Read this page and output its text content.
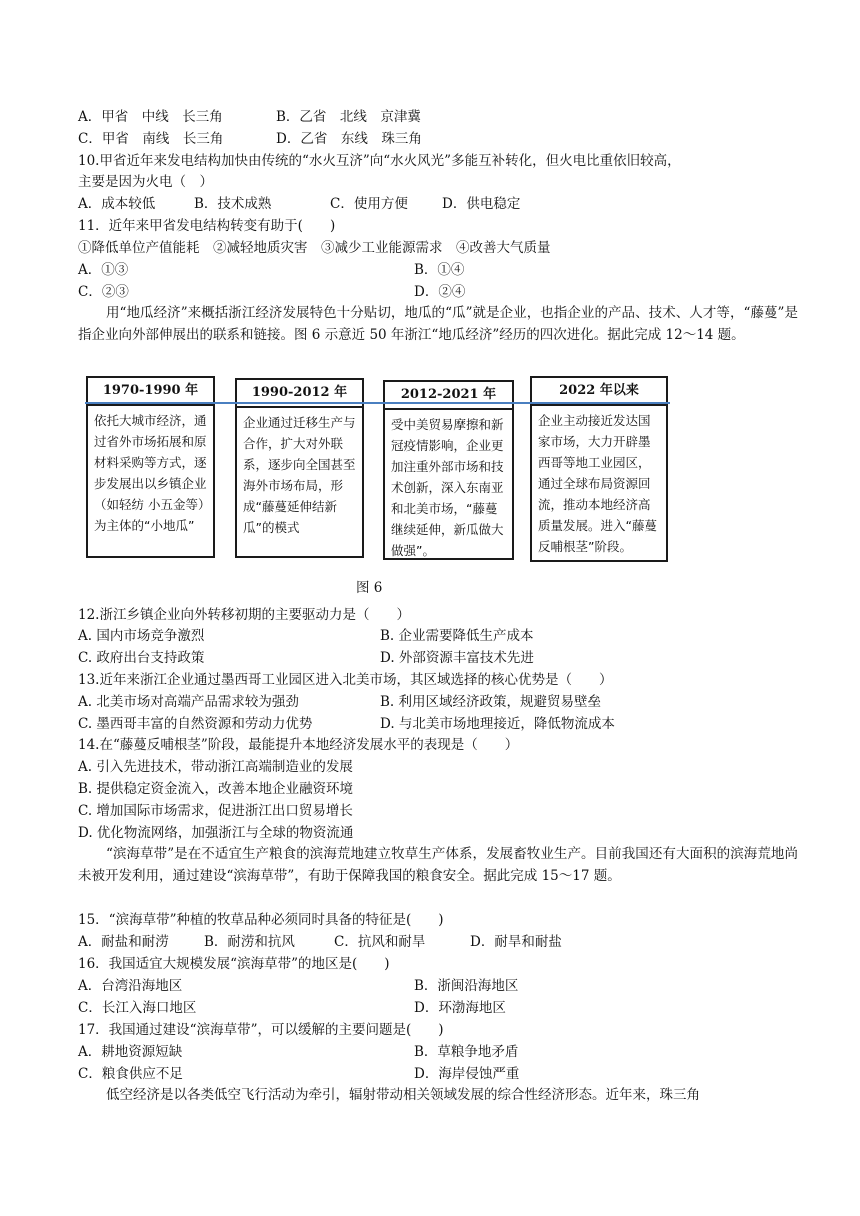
A．甲省　中线　长三角	B．乙省　北线　京津冀
C．甲省　南线　长三角	D．乙省　东线　珠三角
10.甲省近年来发电结构加快由传统的“水火互济”向“水火风光”多能互补转化，但火电比重依旧较高，
主要是因为火电（　）
A．成本较低	B．技术成熟	C．使用方便	D．供电稳定
11．近年来甲省发电结构转变有助于(　　)
①降低单位产值能耗　②减轻地质灾害　③减少工业能源需求　④改善大气质量
A．①③	B．①④
C．②③	D．②④
用“地瓜经济”来概括浙江经济发展特色十分贴切，地瓜的“瓜”就是企业，也指企业的产品、技术、人才等，“藤蔓”是指企业向外部伸展出的联系和链接。图 6 示意近 50 年浙江“地瓜经济”经历的四次进化。据此完成 12～14 题。
1970-1990 年
依托大城市经济，通过省外市场拓展和原材料采购等方式，逐步发展出以乡镇企业（如轻纺 小五金等）为主体的“小地瓜”
1990-2012 年
企业通过迁移生产与合作，扩大对外联系，逐步向全国甚至海外市场布局，形成“藤蔓延伸结新瓜”的模式
2012-2021 年
受中美贸易摩擦和新冠疫情影响，企业更加注重外部市场和技术创新，深入东南亚和北美市场，“藤蔓继续延伸，新瓜做大做强”。
2022 年以来
企业主动接近发达国家市场，大力开辟墨西哥等地工业园区，通过全球布局资源回流，推动本地经济高质量发展。进入“藤蔓反哺根茎”阶段。
图 6
12.浙江乡镇企业向外转移初期的主要驱动力是（　　）
A. 国内市场竞争激烈	B. 企业需要降低生产成本
C. 政府出台支持政策	D. 外部资源丰富技术先进
13.近年来浙江企业通过墨西哥工业园区进入北美市场，其区域选择的核心优势是（　　）
A. 北美市场对高端产品需求较为强劲	B. 利用区域经济政策，规避贸易壁垒
C. 墨西哥丰富的自然资源和劳动力优势	D. 与北美市场地理接近，降低物流成本
14.在“藤蔓反哺根茎”阶段，最能提升本地经济发展水平的表现是（　　）
A. 引入先进技术，带动浙江高端制造业的发展
B. 提供稳定资金流入，改善本地企业融资环境
C. 增加国际市场需求，促进浙江出口贸易增长
D. 优化物流网络，加强浙江与全球的物资流通
“滨海草带”是在不适宜生产粮食的滨海荒地建立牧草生产体系，发展畜牧业生产。目前我国还有大面积的滨海荒地尚未被开发利用，通过建设“滨海草带”，有助于保障我国的粮食安全。据此完成 15～17 题。
15．“滨海草带”种植的牧草品种必须同时具备的特征是(　　)
A．耐盐和耐涝	B．耐涝和抗风	C．抗风和耐旱	D．耐旱和耐盐
16．我国适宜大规模发展“滨海草带”的地区是(　　)
A．台湾沿海地区	B．浙闽沿海地区
C．长江入海口地区	D．环渤海地区
17．我国通过建设“滨海草带”，可以缓解的主要问题是(　　)
A．耕地资源短缺	B．草粮争地矛盾
C．粮食供应不足	D．海岸侵蚀严重
低空经济是以各类低空飞行活动为牵引，辐射带动相关领域发展的综合性经济形态。近年来，珠三角
